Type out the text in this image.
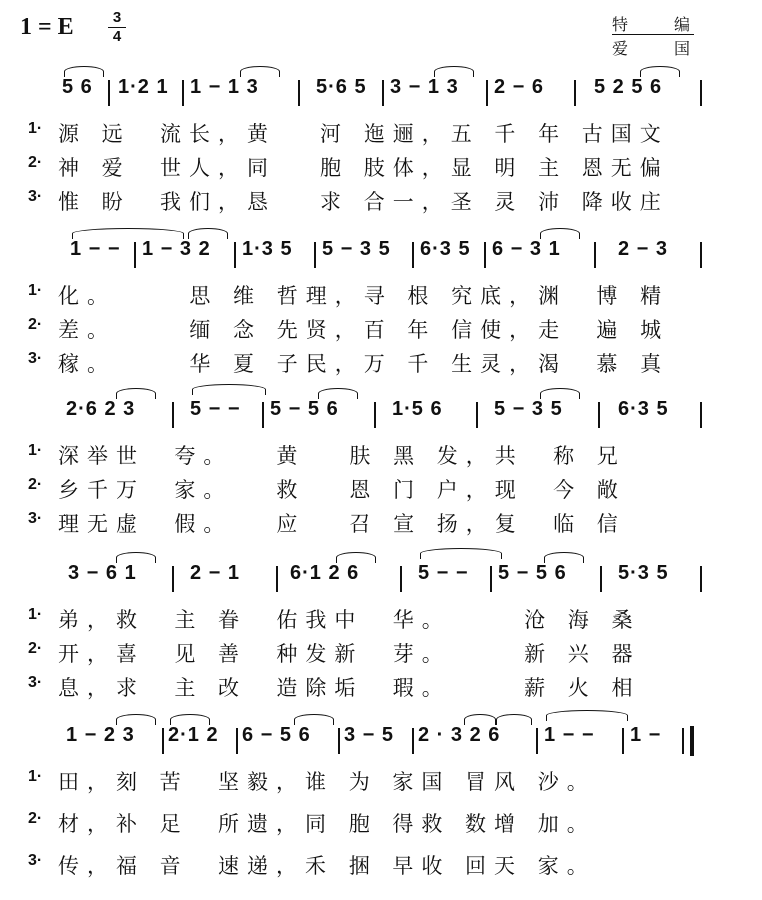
1 = E	3
4
特	编
爱	国
5 6 1·2 1 1 − 1 3	5·6 5 3 − 1 3 2 − 6 5 2 5 6
1· 源 远  流长，黄   河 迤逦，五 千 年 古国文
2· 神 爱  世人，同   胞 肢体，显 明 主 恩无偏
3· 惟 盼  我们，恳   求 合一，圣 灵 沛 降收庄
1 − − 1 − 3 2 1·3 5 5 − 3 5 6·3 5 6 − 3 1	2 − 3
1· 化。     思 维 哲理，寻 根 究底，渊  博 精
2· 差。     缅 念 先贤，百 年 信使，走  遍 城
3· 稼。     华 夏 子民，万 千 生灵，渴  慕 真
2·6 2 3	5 − − 5 − 5 6	1·5 6	5 − 3 5	6·3 5
1· 深举世  夸。   黄   肤 黑 发，共  称 兄
2· 乡千万  家。   救   恩 门 户，现  今 敞
3· 理无虚  假。   应   召 宣 扬，复  临 信
3 − 6 1	2 − 1 6·1 2 6	5 − − 5 − 5 6	5·3 5
1· 弟，救  主 眷  佑我中  华。     沧 海 桑
2· 开，喜  见 善  种发新  芽。     新 兴 器
3· 息，求  主 改  造除垢  瑕。     薪 火 相
1 − 2 3 2·1 2 6 − 5 6 3 − 5 2 · 3 2 6 1 − − 1 −
1· 田，刻 苦  坚毅，谁 为 家国 冒风 沙。
2· 材，补 足  所遗，同 胞 得救 数增 加。
3· 传，福 音  速递，禾 捆 早收 回天 家。
